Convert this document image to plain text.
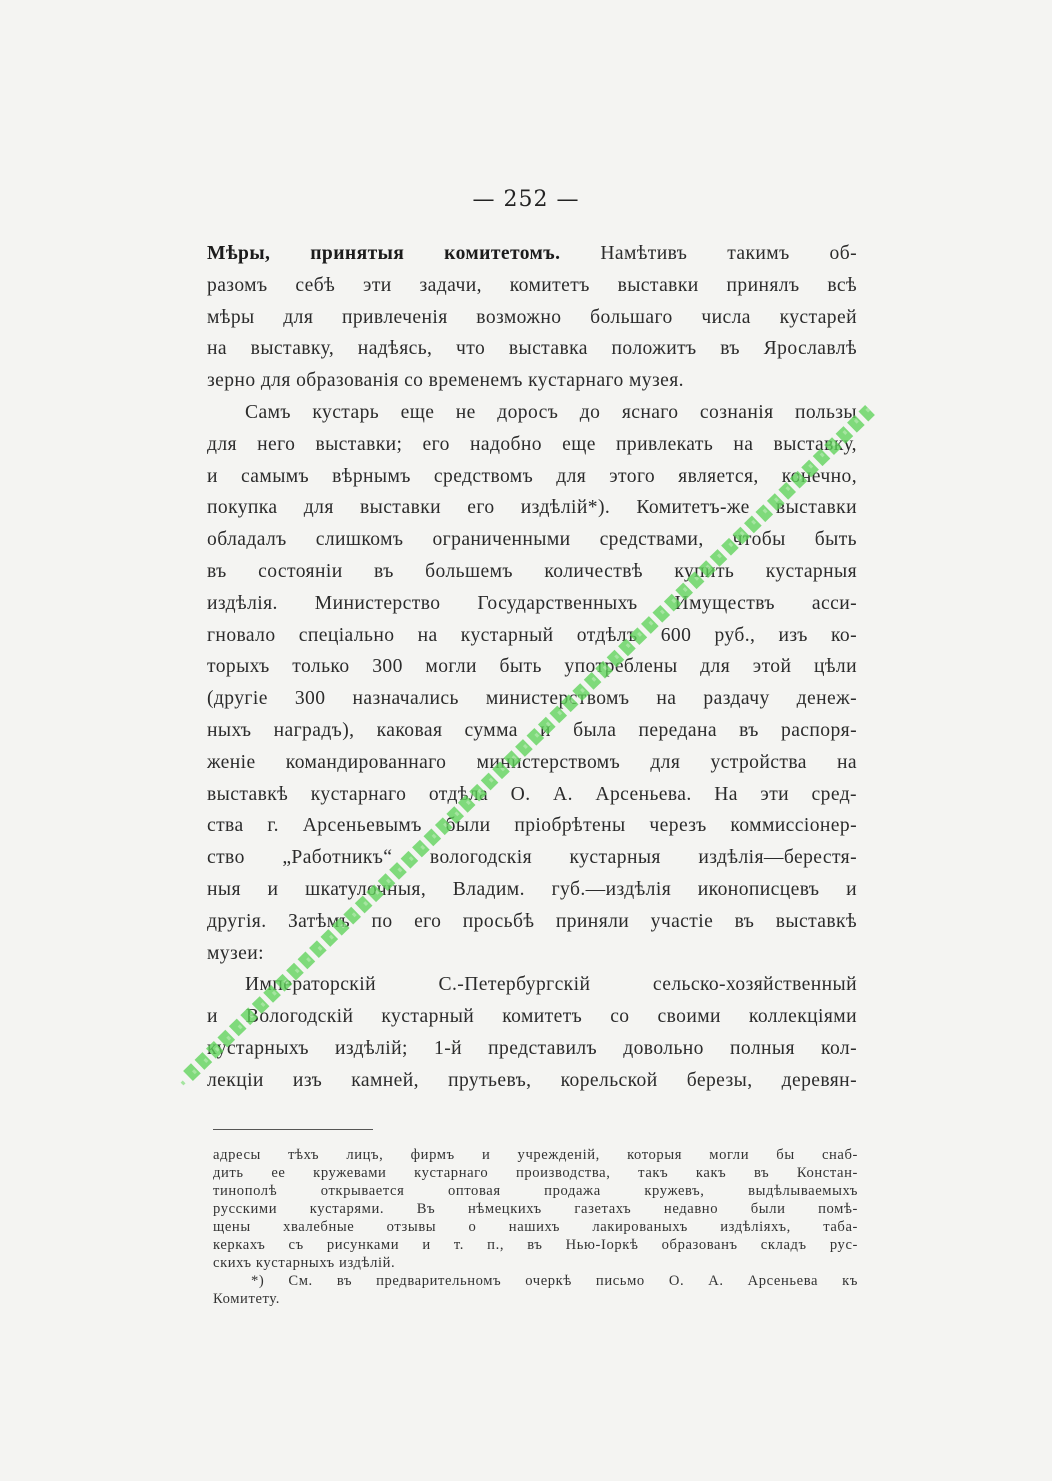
— 252 —
Мѣры, принятыя комитетомъ. Намѣтивъ такимъ об-
разомъ себѣ эти задачи, комитетъ выставки принялъ всѣ
мѣры для привлеченія возможно большаго числа кустарей
на выставку, надѣясь, что выставка положитъ въ Ярославлѣ
зерно для образованія со временемъ кустарнаго музея.
Самъ кустарь еще не доросъ до яснаго сознанія пользы
для него выставки; его надобно еще привлекать на выставку,
и самымъ вѣрнымъ средствомъ для этого является, конечно,
покупка для выставки его издѣлій*). Комитетъ-же выставки
обладалъ слишкомъ ограниченными средствами, чтобы быть
въ состояніи въ большемъ количествѣ купить кустарныя
издѣлія. Министерство Государственныхъ Имуществъ асси-
гновало спеціально на кустарный отдѣлъ 600 руб., изъ ко-
торыхъ только 300 могли быть употреблены для этой цѣли
(другіе 300 назначались министерствомъ на раздачу денеж-
ныхъ наградъ), каковая сумма и была передана въ распоря-
женіе командированнаго министерствомъ для устройства на
выставкѣ кустарнаго отдѣла О. А. Арсеньева. На эти сред-
ства г. Арсеньевымъ были пріобрѣтены черезъ коммиссіонер-
ство „Работникъ“ вологодскія кустарныя издѣлія—берестя-
ныя и шкатулочныя, Владим. губ.—издѣлія иконописцевъ и
другія. Затѣмъ по его просьбѣ приняли участіе въ выставкѣ
музеи:
Императорскій С.-Петербургскій сельско-хозяйственный
и Вологодскій кустарный комитетъ со своими коллекціями
кустарныхъ издѣлій; 1-й представилъ довольно полныя кол-
лекціи изъ камней, прутьевъ, корельской березы, деревян-
адресы тѣхъ лицъ, фирмъ и учрежденій, которыя могли бы снаб-
дить ее кружевами кустарнаго производства, такъ какъ въ Констан-
тинополѣ открывается оптовая продажа кружевъ, выдѣлываемыхъ
русскими кустарями. Въ нѣмецкихъ газетахъ недавно были помѣ-
щены хвалебные отзывы о нашихъ лакированыхъ издѣліяхъ, таба-
керкахъ съ рисунками и т. п., въ Нью-Іоркѣ образованъ складъ рус-
скихъ кустарныхъ издѣлій.
*) См. въ предварительномъ очеркѣ письмо О. А. Арсеньева къ
Комитету.
